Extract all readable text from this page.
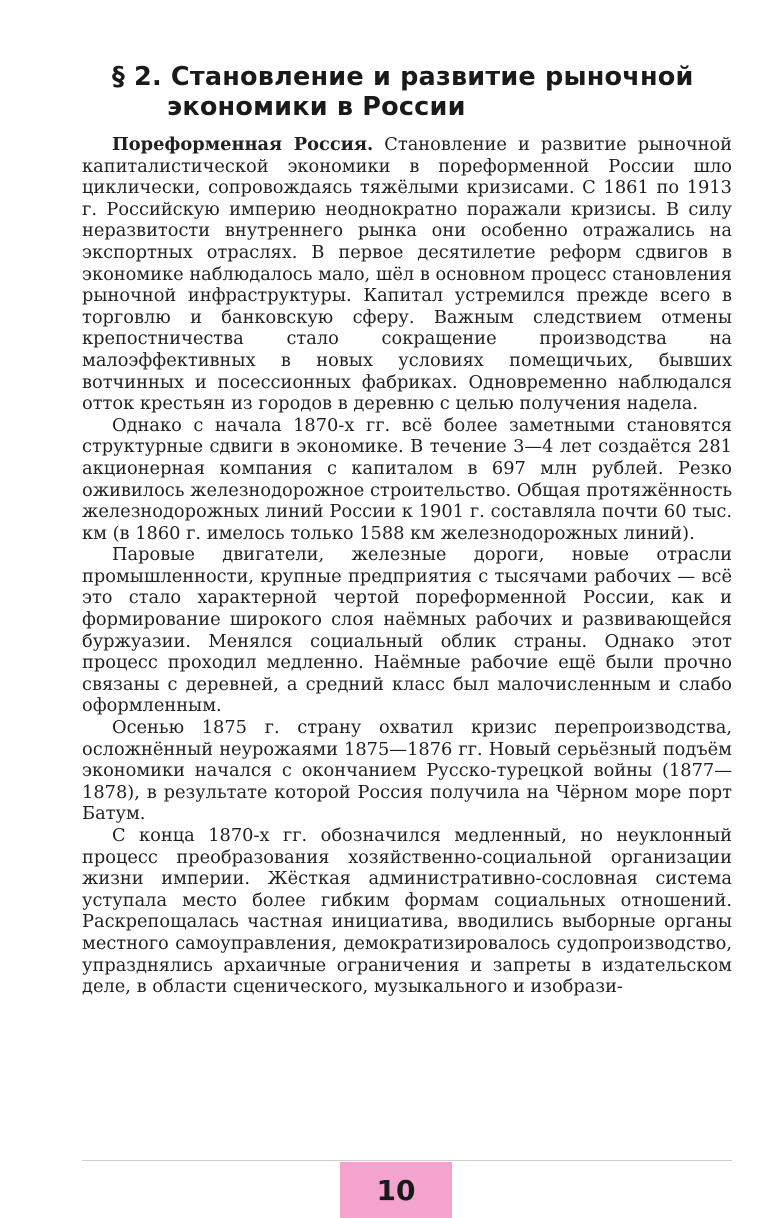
§ 2. Становление и развитие рыночной
экономики в России

Пореформенная Россия. Становление и развитие рыночной капиталистической экономики в пореформенной России шло циклически, сопровождаясь тяжёлыми кризисами. С 1861 по 1913 г. Российскую империю неоднократно поражали кризисы. В силу неразвитости внутреннего рынка они особенно отражались на экспортных отраслях. В первое десятилетие реформ сдвигов в экономике наблюдалось мало, шёл в основном процесс становления рыночной инфраструктуры. Капитал устремился прежде всего в торговлю и банковскую сферу. Важным следствием отмены крепостничества стало сокращение производства на малоэффективных в новых условиях помещичьих, бывших вотчинных и посессионных фабриках. Одновременно наблюдался отток крестьян из городов в деревню с целью получения надела.

Однако с начала 1870-х гг. всё более заметными становятся структурные сдвиги в экономике. В течение 3—4 лет создаётся 281 акционерная компания с капиталом в 697 млн рублей. Резко оживилось железнодорожное строительство. Общая протяжённость железнодорожных линий России к 1901 г. составляла почти 60 тыс. км (в 1860 г. имелось только 1588 км железнодорожных линий).

Паровые двигатели, железные дороги, новые отрасли промышленности, крупные предприятия с тысячами рабочих — всё это стало характерной чертой пореформенной России, как и формирование широкого слоя наёмных рабочих и развивающейся буржуазии. Менялся социальный облик страны. Однако этот процесс проходил медленно. Наёмные рабочие ещё были прочно связаны с деревней, а средний класс был малочисленным и слабо оформленным.

Осенью 1875 г. страну охватил кризис перепроизводства, осложнённый неурожаями 1875—1876 гг. Новый серьёзный подъём экономики начался с окончанием Русско-турецкой войны (1877—1878), в результате которой Россия получила на Чёрном море порт Батум.

С конца 1870-х гг. обозначился медленный, но неуклонный процесс преобразования хозяйственно-социальной организации жизни империи. Жёсткая административно-сословная система уступала место более гибким формам социальных отношений. Раскрепощалась частная инициатива, вводились выборные органы местного самоуправления, демократизировалось судопроизводство, упразднялись архаичные ограничения и запреты в издательском деле, в области сценического, музыкального и изобрази-

10
